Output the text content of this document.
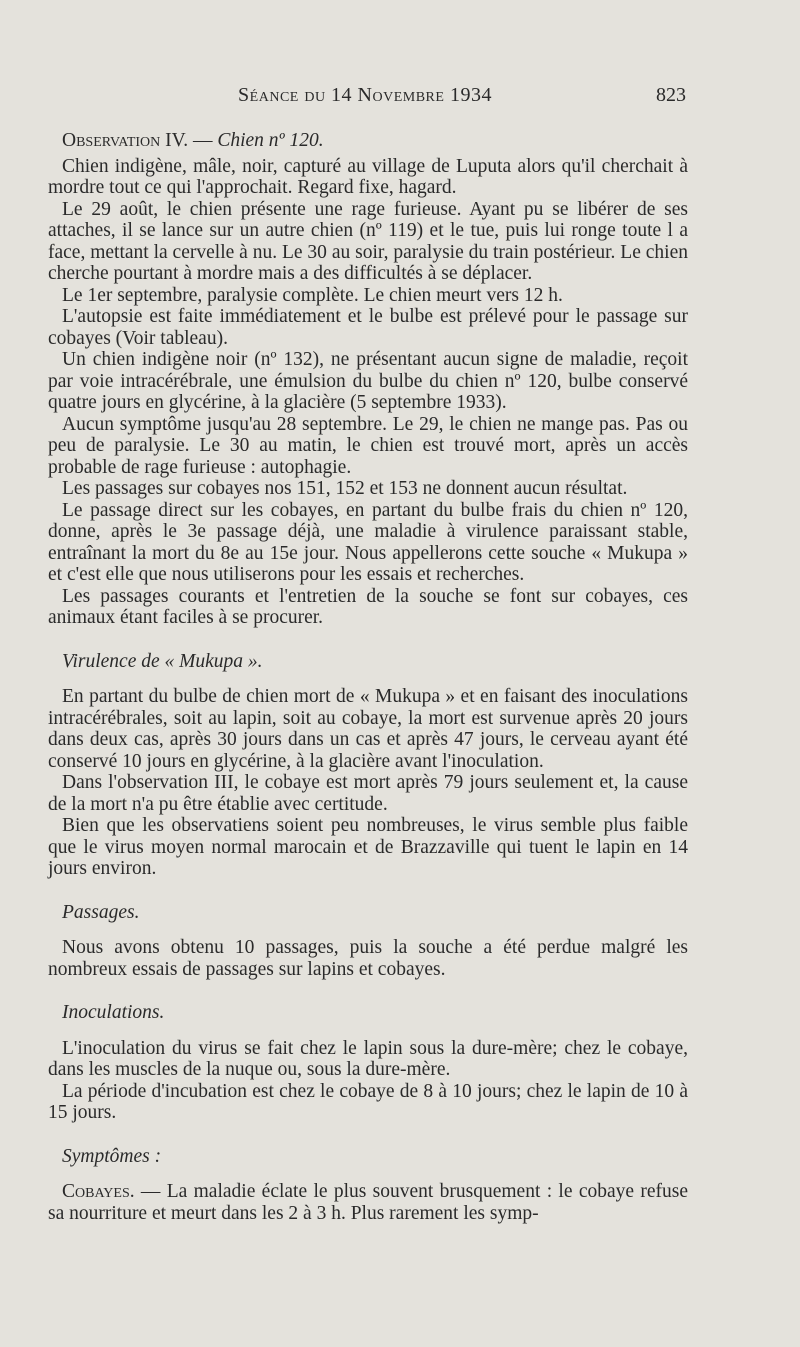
Séance du 14 Novembre 1934	823

Observation IV. — Chien nº 120.

Chien indigène, mâle, noir, capturé au village de Luputa alors qu'il cherchait à mordre tout ce qui l'approchait. Regard fixe, hagard.

Le 29 août, le chien présente une rage furieuse. Ayant pu se libérer de ses attaches, il se lance sur un autre chien (nº 119) et le tue, puis lui ronge toute l a face, mettant la cervelle à nu. Le 30 au soir, paralysie du train postérieur. Le chien cherche pourtant à mordre mais a des difficultés à se déplacer.

Le 1er septembre, paralysie complète. Le chien meurt vers 12 h.

L'autopsie est faite immédiatement et le bulbe est prélevé pour le passage sur cobayes (Voir tableau).

Un chien indigène noir (nº 132), ne présentant aucun signe de maladie, reçoit par voie intracérébrale, une émulsion du bulbe du chien nº 120, bulbe conservé quatre jours en glycérine, à la glacière (5 septembre 1933).

Aucun symptôme jusqu'au 28 septembre. Le 29, le chien ne mange pas. Pas ou peu de paralysie. Le 30 au matin, le chien est trouvé mort, après un accès probable de rage furieuse : autophagie.

Les passages sur cobayes nos 151, 152 et 153 ne donnent aucun résultat.

Le passage direct sur les cobayes, en partant du bulbe frais du chien nº 120, donne, après le 3e passage déjà, une maladie à virulence paraissant stable, entraînant la mort du 8e au 15e jour. Nous appellerons cette souche « Mukupa » et c'est elle que nous utiliserons pour les essais et recherches.

Les passages courants et l'entretien de la souche se font sur cobayes, ces animaux étant faciles à se procurer.

Virulence de « Mukupa ».

En partant du bulbe de chien mort de « Mukupa » et en faisant des inoculations intracérébrales, soit au lapin, soit au cobaye, la mort est survenue après 20 jours dans deux cas, après 30 jours dans un cas et après 47 jours, le cerveau ayant été conservé 10 jours en glycérine, à la glacière avant l'inoculation.

Dans l'observation III, le cobaye est mort après 79 jours seulement et, la cause de la mort n'a pu être établie avec certitude.

Bien que les observatiens soient peu nombreuses, le virus semble plus faible que le virus moyen normal marocain et de Brazzaville qui tuent le lapin en 14 jours environ.

Passages.

Nous avons obtenu 10 passages, puis la souche a été perdue malgré les nombreux essais de passages sur lapins et cobayes.

Inoculations.

L'inoculation du virus se fait chez le lapin sous la dure-mère; chez le cobaye, dans les muscles de la nuque ou, sous la dure-mère.

La période d'incubation est chez le cobaye de 8 à 10 jours; chez le lapin de 10 à 15 jours.

Symptômes :

Cobayes. — La maladie éclate le plus souvent brusquement : le cobaye refuse sa nourriture et meurt dans les 2 à 3 h. Plus rarement les symp-
